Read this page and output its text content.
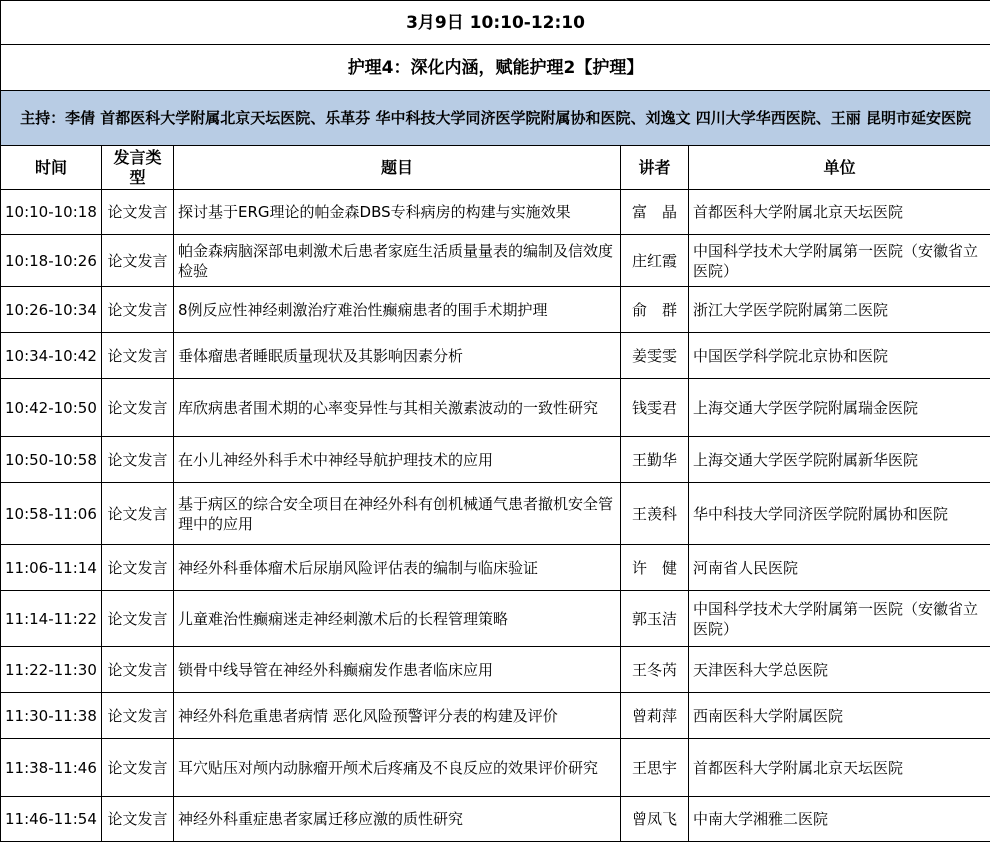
3月9日 10:10-12:10				
护理4：深化内涵，赋能护理2【护理】				
主持：李倩 首都医科大学附属北京天坛医院、乐革芬 华中科技大学同济医学院附属协和医院、刘逸文 四川大学华西医院、王丽 昆明市延安医院				
时间	发言类型	题目	讲者	单位
10:10-10:18	论文发言	探讨基于ERG理论的帕金森DBS专科病房的构建与实施效果	富　晶	首都医科大学附属北京天坛医院
10:18-10:26	论文发言	帕金森病脑深部电刺激术后患者家庭生活质量量表的编制及信效度检验	庄红霞	中国科学技术大学附属第一医院（安徽省立医院）
10:26-10:34	论文发言	8例反应性神经刺激治疗难治性癫痫患者的围手术期护理	俞　群	浙江大学医学院附属第二医院
10:34-10:42	论文发言	垂体瘤患者睡眠质量现状及其影响因素分析	姜雯雯	中国医学科学院北京协和医院
10:42-10:50	论文发言	库欣病患者围术期的心率变异性与其相关激素波动的一致性研究	钱雯君	上海交通大学医学院附属瑞金医院
10:50-10:58	论文发言	在小儿神经外科手术中神经导航护理技术的应用	王勤华	上海交通大学医学院附属新华医院
10:58-11:06	论文发言	基于病区的综合安全项目在神经外科有创机械通气患者撤机安全管理中的应用	王羡科	华中科技大学同济医学院附属协和医院
11:06-11:14	论文发言	神经外科垂体瘤术后尿崩风险评估表的编制与临床验证	许　健	河南省人民医院
11:14-11:22	论文发言	儿童难治性癫痫迷走神经刺激术后的长程管理策略	郭玉洁	中国科学技术大学附属第一医院（安徽省立医院）
11:22-11:30	论文发言	锁骨中线导管在神经外科癫痫发作患者临床应用	王冬芮	天津医科大学总医院
11:30-11:38	论文发言	神经外科危重患者病情 恶化风险预警评分表的构建及评价	曾莉萍	西南医科大学附属医院
11:38-11:46	论文发言	耳穴贴压对颅内动脉瘤开颅术后疼痛及不良反应的效果评价研究	王思宇	首都医科大学附属北京天坛医院
11:46-11:54	论文发言	神经外科重症患者家属迁移应激的质性研究	曾凤飞	中南大学湘雅二医院
